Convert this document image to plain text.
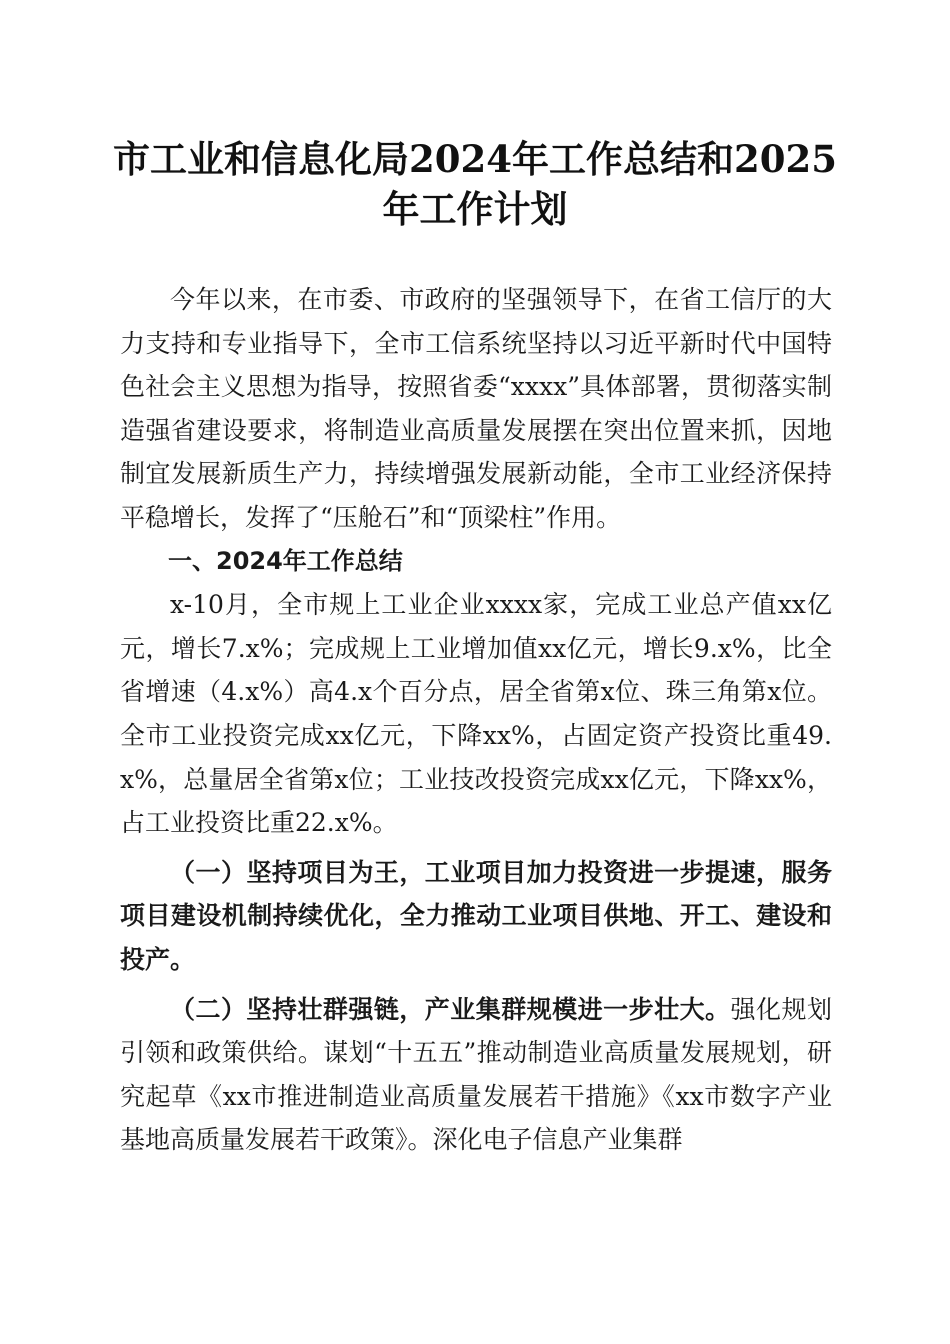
市工业和信息化局2024年工作总结和2025年工作计划

今年以来，在市委、市政府的坚强领导下，在省工信厅的大力支持和专业指导下，全市工信系统坚持以习近平新时代中国特色社会主义思想为指导，按照省委“xxxx”具体部署，贯彻落实制造强省建设要求，将制造业高质量发展摆在突出位置来抓，因地制宜发展新质生产力，持续增强发展新动能，全市工业经济保持平稳增长，发挥了“压舱石”和“顶梁柱”作用。

一、2024年工作总结

x-10月，全市规上工业企业xxxx家，完成工业总产值xx亿元，增长7.x%；完成规上工业增加值xx亿元，增长9.x%，比全省增速（4.x%）高4.x个百分点，居全省第x位、珠三角第x位。全市工业投资完成xx亿元，下降xx%，占固定资产投资比重49.x%，总量居全省第x位；工业技改投资完成xx亿元，下降xx%，占工业投资比重22.x%。

（一）坚持项目为王，工业项目加力投资进一步提速，服务项目建设机制持续优化，全力推动工业项目供地、开工、建设和投产。

（二）坚持壮群强链，产业集群规模进一步壮大。强化规划引领和政策供给。谋划“十五五”推动制造业高质量发展规划，研究起草《xx市推进制造业高质量发展若干措施》《xx市数字产业基地高质量发展若干政策》。深化电子信息产业集群
